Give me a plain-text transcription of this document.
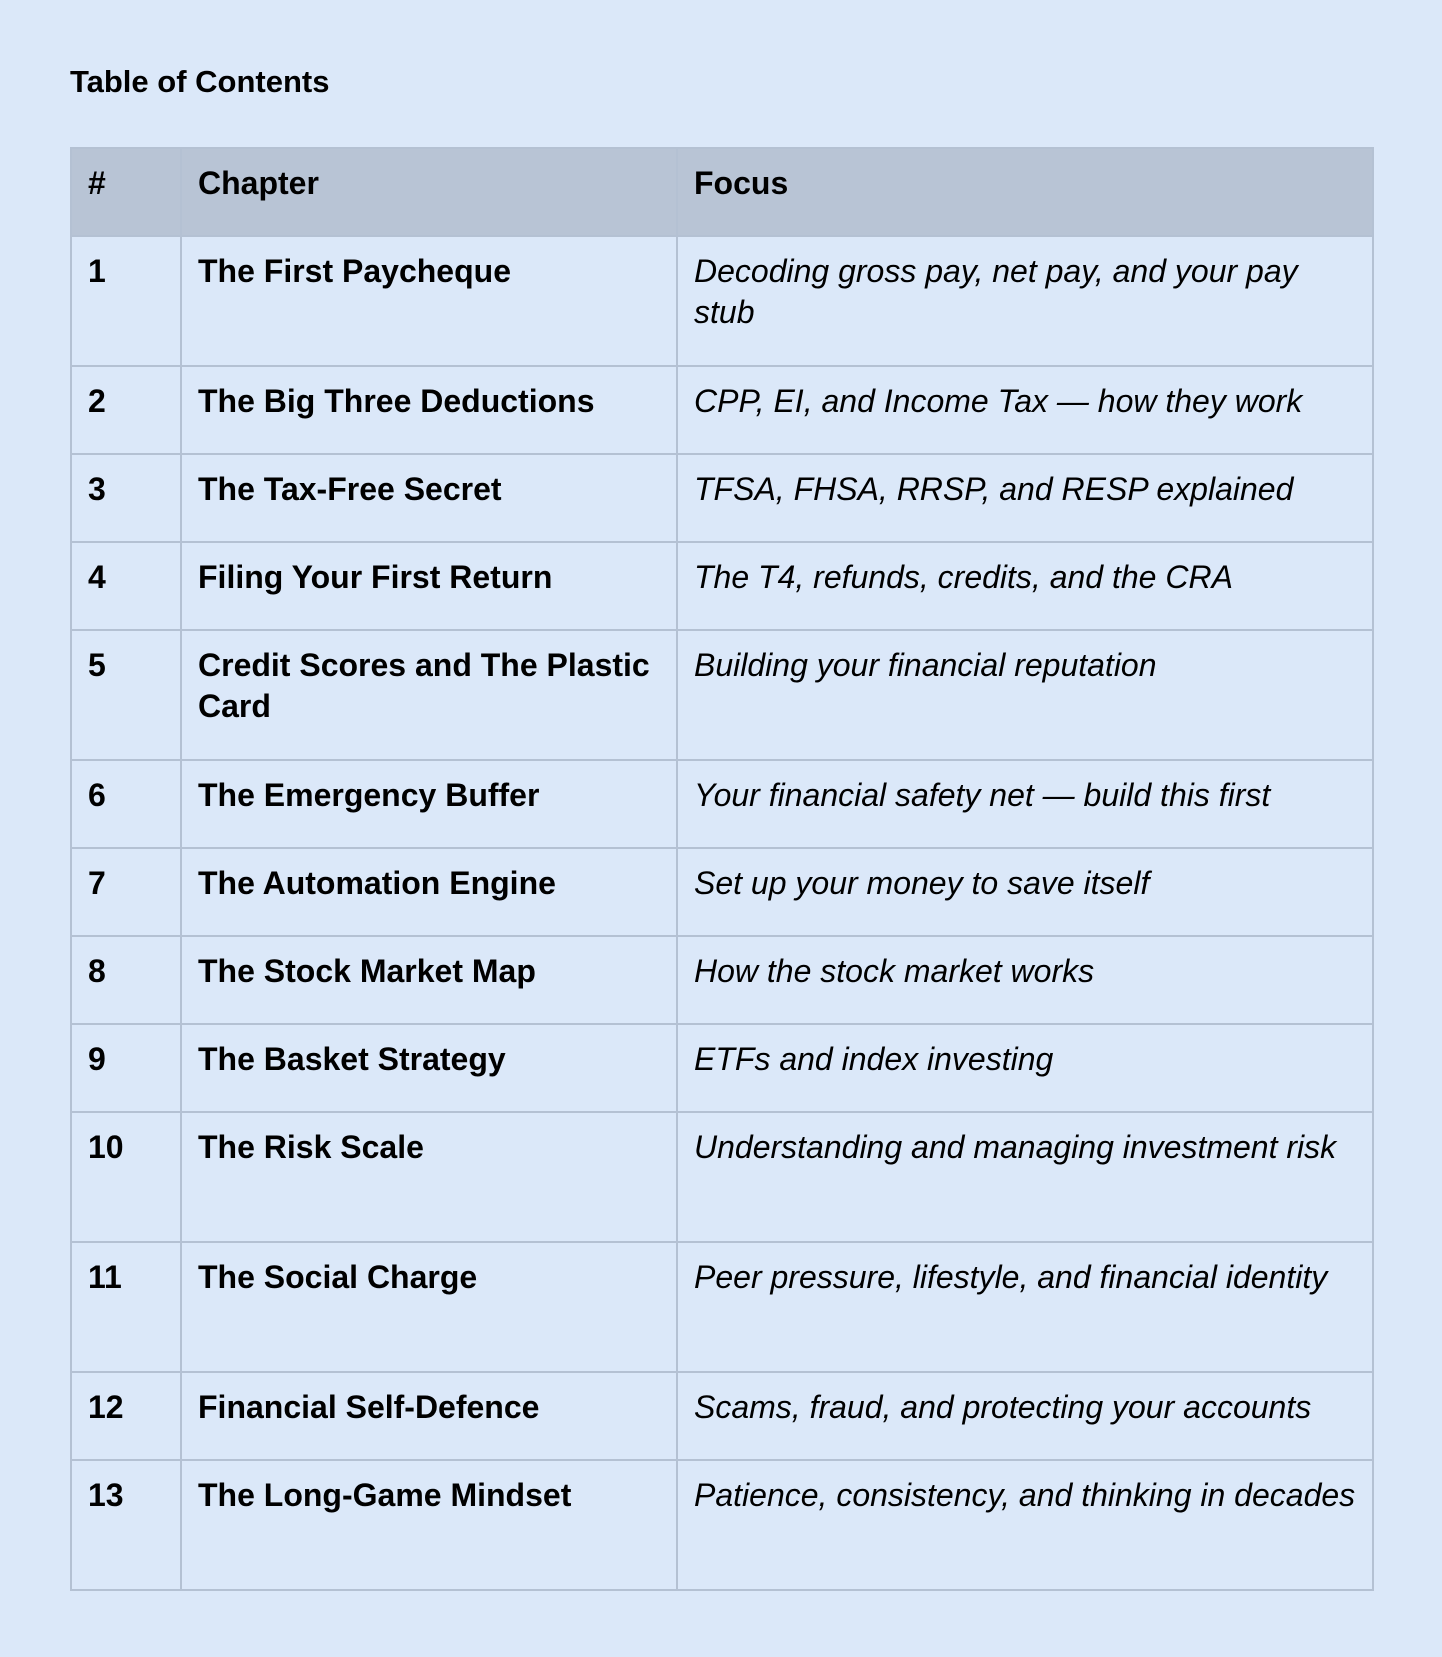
Table of Contents
#	Chapter	Focus
1	The First Paycheque	Decoding gross pay, net pay, and your pay stub
2	The Big Three Deductions	CPP, EI, and Income Tax — how they work
3	The Tax-Free Secret	TFSA, FHSA, RRSP, and RESP explained
4	Filing Your First Return	The T4, refunds, credits, and the CRA
5	Credit Scores and The Plastic Card	Building your financial reputation
6	The Emergency Buffer	Your financial safety net — build this first
7	The Automation Engine	Set up your money to save itself
8	The Stock Market Map	How the stock market works
9	The Basket Strategy	ETFs and index investing
10	The Risk Scale	Understanding and managing investment risk
11	The Social Charge	Peer pressure, lifestyle, and financial identity
12	Financial Self-Defence	Scams, fraud, and protecting your accounts
13	The Long-Game Mindset	Patience, consistency, and thinking in decades
